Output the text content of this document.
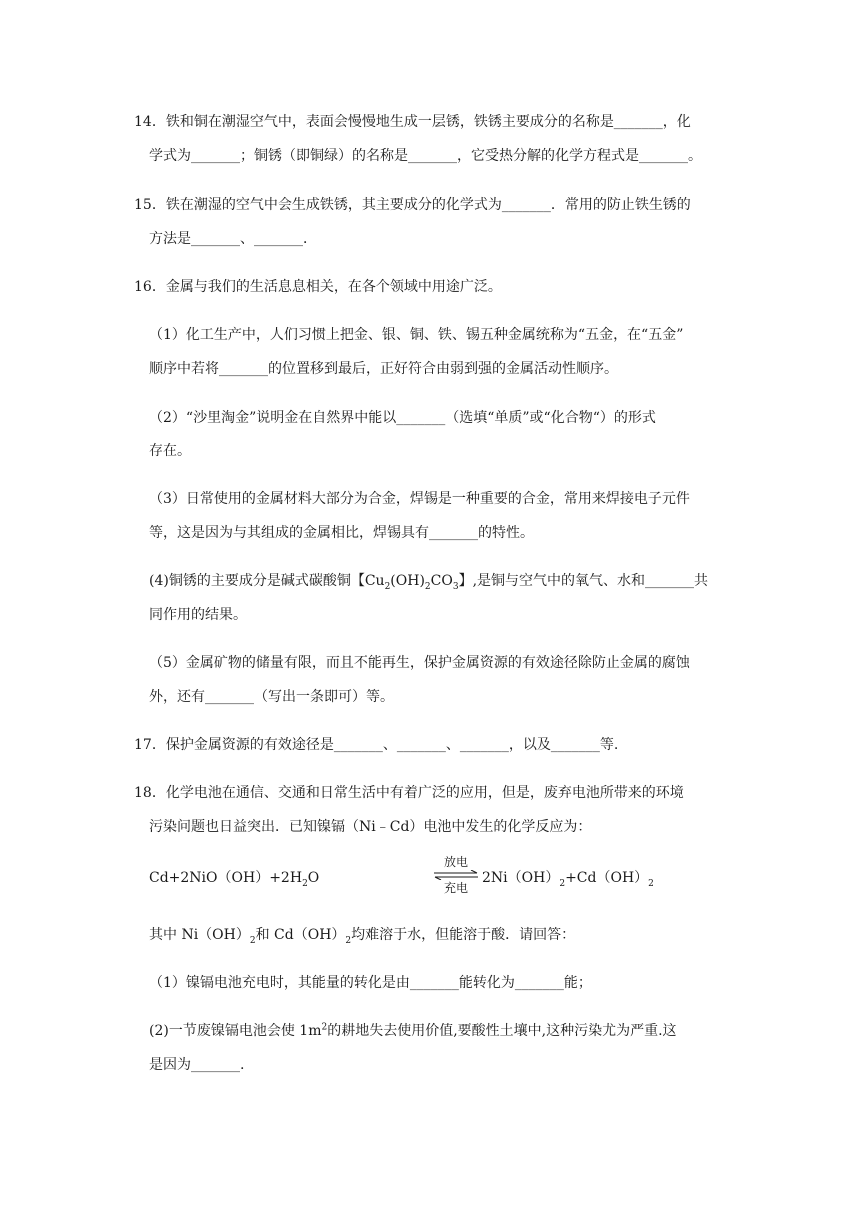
14．铁和铜在潮湿空气中，表面会慢慢地生成一层锈，铁锈主要成分的名称是_______，化
学式为_______；铜锈（即铜绿）的名称是_______，它受热分解的化学方程式是_______。
15．铁在潮湿的空气中会生成铁锈，其主要成分的化学式为_______．常用的防止铁生锈的
方法是_______、_______．
16．金属与我们的生活息息相关，在各个领域中用途广泛。
（1）化工生产中，人们习惯上把金、银、铜、铁、锡五种金属统称为“五金，在“五金”
顺序中若将_______的位置移到最后，正好符合由弱到强的金属活动性顺序。
（2）“沙里淘金”说明金在自然界中能以_______（选填“单质”或“化合物“）的形式
存在。
（3）日常使用的金属材料大部分为合金，焊锡是一种重要的合金，常用来焊接电子元件
等，这是因为与其组成的金属相比，焊锡具有_______的特性。
(4)铜锈的主要成分是碱式碳酸铜【$Cu_2(OH)_2CO_3$】,是铜与空气中的氧气、水和_______共
同作用的结果。
（5）金属矿物的储量有限，而且不能再生，保护金属资源的有效途径除防止金属的腐蚀
外，还有_______（写出一条即可）等。
17．保护金属资源的有效途径是_______、_______、_______，以及_______等.
18．化学电池在通信、交通和日常生活中有着广泛的应用，但是，废弃电池所带来的环境
污染问题也日益突出．已知镍镉（Ni﹣Cd）电池中发生的化学反应为：
$Cd+2NiO(OH)+2H_2O$
放电
充电
$2Ni(OH)_2+Cd(OH)_2$
其中 $Ni(OH)_2$和 $Cd(OH)_2$均难溶于水，但能溶于酸．请回答：
（1）镍镉电池充电时，其能量的转化是由_______能转化为_______能；
(2)一节废镍镉电池会使 $1m^2$的耕地失去使用价值,要酸性土壤中,这种污染尤为严重.这
是因为_______.
